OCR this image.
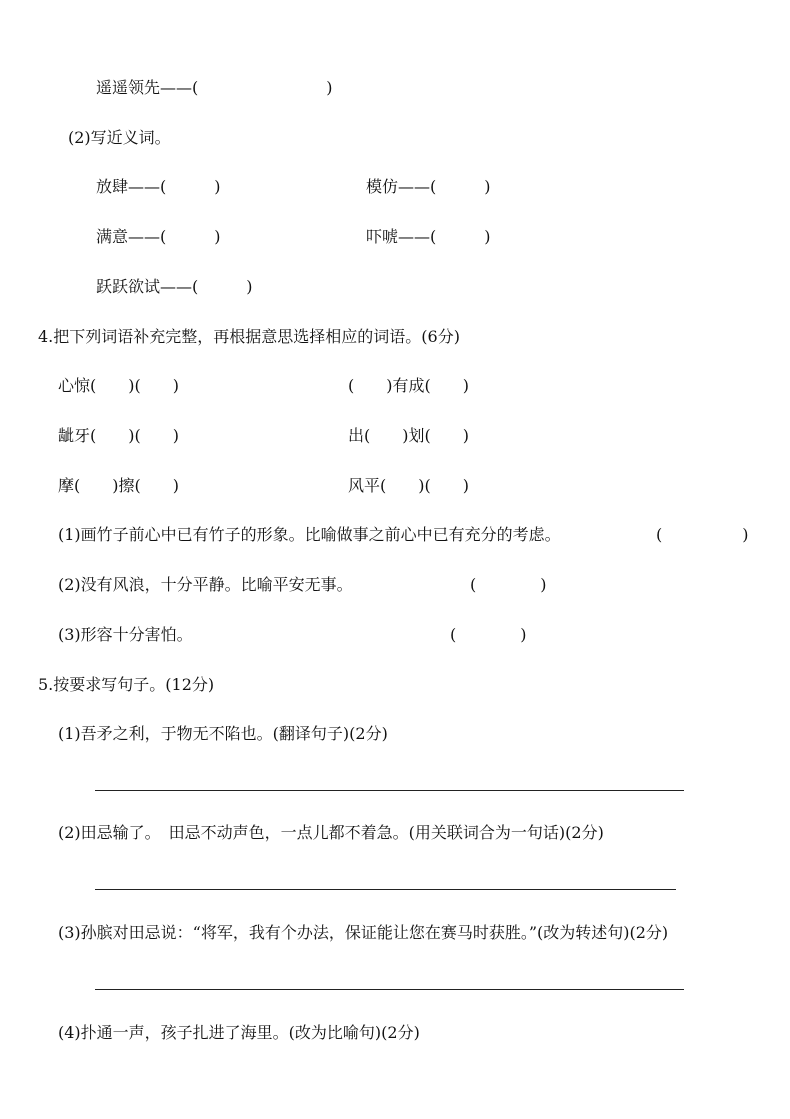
遥遥领先——(　　　　　　　　)
(2)写近义词。
放肆——(　　　)	模仿——(　　　)
满意——(　　　)	吓唬——(　　　)
跃跃欲试——(　　　)
4.把下列词语补充完整，再根据意思选择相应的词语。(6分)
心惊(　　)(　　)	(　　)有成(　　)
龇牙(　　)(　　)	出(　　)划(　　)
摩(　　)擦(　　)	风平(　　)(　　)
(1)画竹子前心中已有竹子的形象。比喻做事之前心中已有充分的考虑。	(　　　　　)
(2)没有风浪，十分平静。比喻平安无事。	(　　　　)
(3)形容十分害怕。	(　　　　)
5.按要求写句子。(12分)
(1)吾矛之利，于物无不陷也。(翻译句子)(2分)
(2)田忌输了。　田忌不动声色，一点儿都不着急。(用关联词合为一句话)(2分)
(3)孙膑对田忌说：“将军，我有个办法，保证能让您在赛马时获胜。”(改为转述句)(2分)
(4)扑通一声，孩子扎进了海里。(改为比喻句)(2分)
